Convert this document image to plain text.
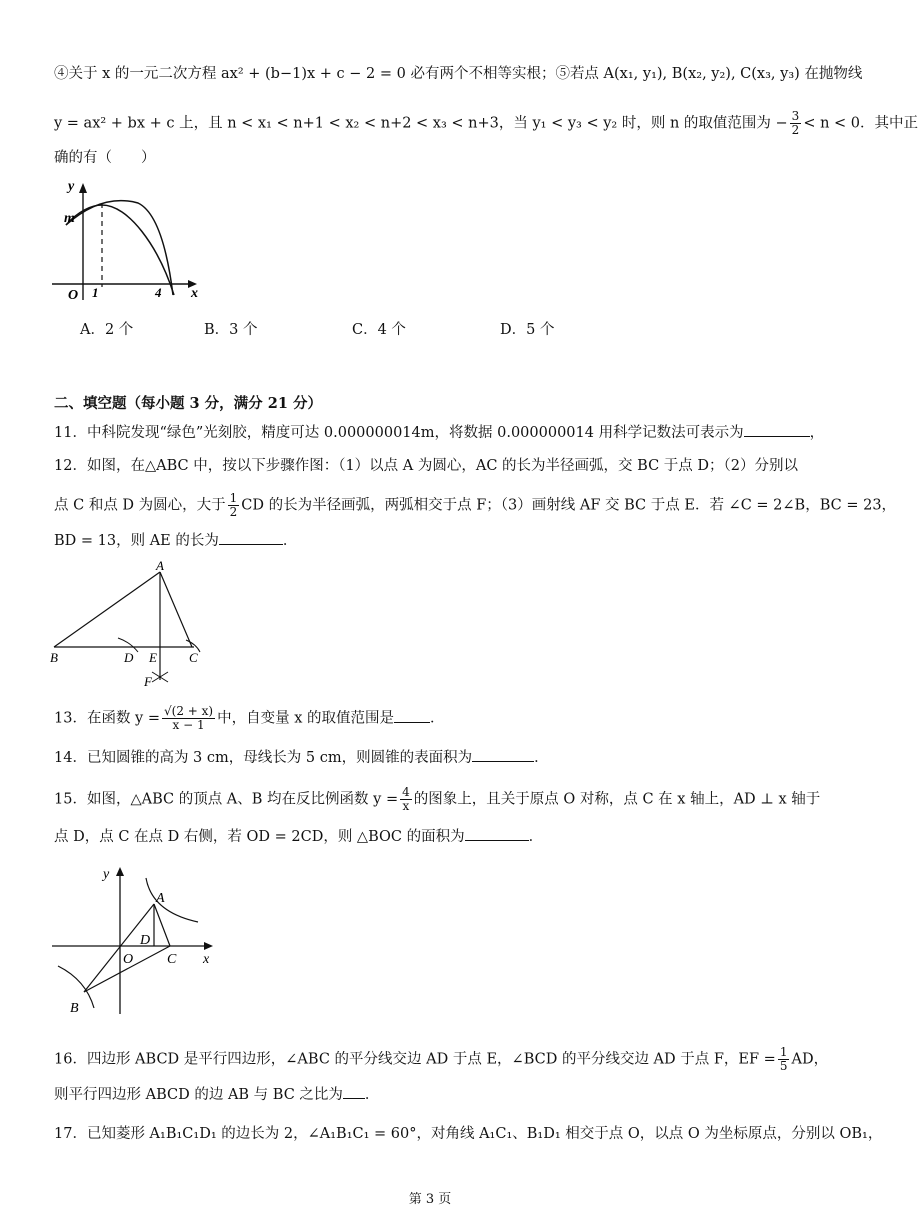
④关于 x 的一元二次方程 ax² + (b−1)x + c − 2 = 0 必有两个不相等实根；⑤若点 A(x₁, y₁), B(x₂, y₂), C(x₃, y₃) 在抛物线
y = ax² + bx + c 上，且 n < x₁ < n+1 < x₂ < n+2 < x₃ < n+3，当 y₁ < y₃ < y₂ 时，则 n 的取值范围为 − $\frac{3}{2} < n < 0$．其中正
确的有（　　）
y
x
m
O 1	4
A．2 个	B．3 个	C．4 个	D．5 个
二、填空题（每小题 3 分，满分 21 分）
11．中科院发现“绿色”光刻胶，精度可达 0.000000014m，将数据 0.000000014 用科学记数法可表示为	，
12．如图，在△ABC 中，按以下步骤作图：（1）以点 A 为圆心，AC 的长为半径画弧，交 BC 于点 D；（2）分别以
点 C 和点 D 为圆心，大于 $\frac{1}{2}$ CD 的长为半径画弧，两弧相交于点 F；（3）画射线 AF 交 BC 于点 E．若 ∠C = 2∠B，BC = 23，
BD = 13，则 AE 的长为	．
A
B	D E C
F
13．在函数 $y = \frac{√(2 + x)}{x - 1}$ 中，自变量 x 的取值范围是 ．
14．已知圆锥的高为 3 cm，母线长为 5 cm，则圆锥的表面积为	．
15．如图，△ABC 的顶点 A、B 均在反比例函数 $y = \frac{4}{x}$ 的图象上，且关于原点 O 对称，点 C 在 x 轴上，AD ⊥ x 轴于
点 D，点 C 在点 D 右侧，若 OD = 2CD，则 △BOC 的面积为	．
y
x
A
D
O C
B
16．四边形 ABCD 是平行四边形，∠ABC 的平分线交边 AD 于点 E，∠BCD 的平分线交边 AD 于点 F，EF = $\frac{1}{5}$ AD，
则平行四边形 ABCD 的边 AB 与 BC 之比为 ．
17．已知菱形 A₁B₁C₁D₁ 的边长为 2，∠A₁B₁C₁ = 60°，对角线 A₁C₁、B₁D₁ 相交于点 O，以点 O 为坐标原点，分别以 OB₁，
第 3 页
